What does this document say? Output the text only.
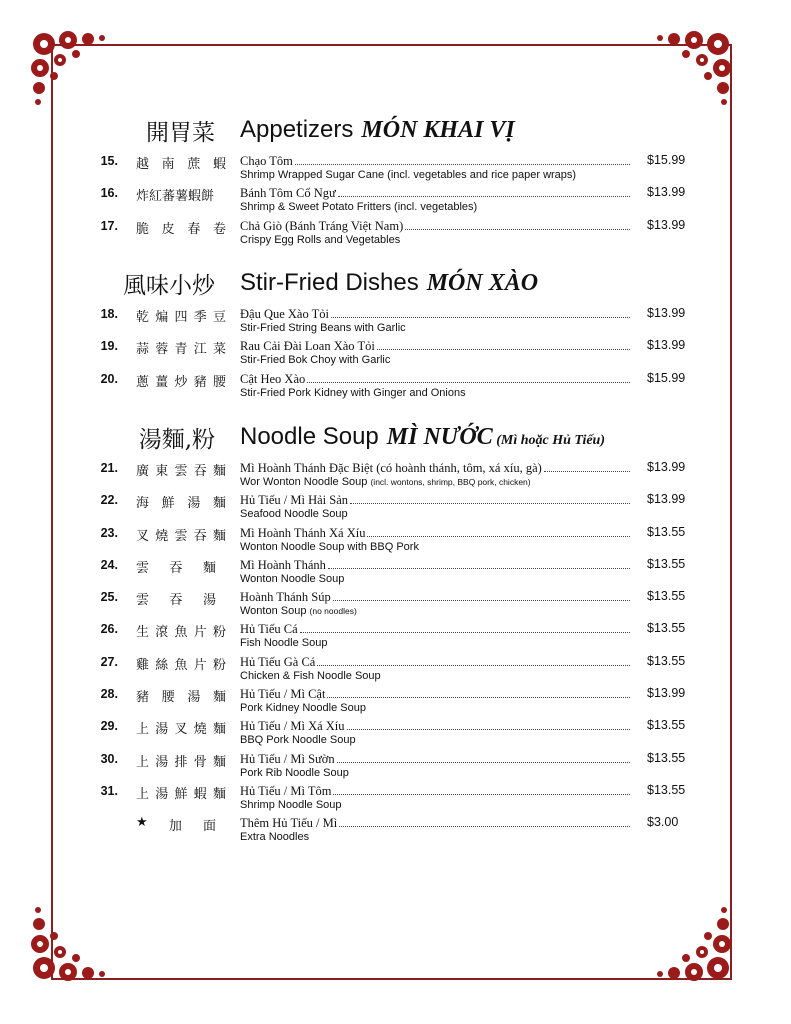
開胃菜 Appetizers MÓN KHAI VỊ
15. 越 南 蔗 蝦 Chạo Tôm
Shrimp Wrapped Sugar Cane (incl. vegetables and rice paper wraps)
$15.99
16. 炸紅蕃薯蝦餅 Bánh Tôm Cổ Ngư
Shrimp & Sweet Potato Fritters (incl. vegetables)
$13.99
17. 脆 皮 春 卷 Chả Giò (Bánh Tráng Việt Nam)
Crispy Egg Rolls and Vegetables
$13.99
風味小炒 Stir-Fried Dishes MÓN XÀO
18. 乾 煸 四 季 豆 Đậu Que Xào Tỏi
Stir-Fried String Beans with Garlic
$13.99
19. 蒜 蓉 青 江 菜 Rau Cải Đài Loan Xào Tỏi
Stir-Fried Bok Choy with Garlic
$13.99
20. 蔥 薑 炒 豬 腰 Cật Heo Xào
Stir-Fried Pork Kidney with Ginger and Onions
$15.99
湯麵,粉 Noodle Soup MÌ NƯỚC (Mì hoặc Hủ Tiếu)
21. 廣 東 雲 吞 麵 Mì Hoành Thánh Đặc Biệt (có hoành thánh, tôm, xá xíu, gà)
Wor Wonton Noodle Soup (incl. wontons, shrimp, BBQ pork, chicken)
$13.99
22. 海 鮮 湯 麵 Hủ Tiếu / Mì Hải Sản
Seafood Noodle Soup
$13.99
23. 叉 燒 雲 吞 麵 Mì Hoành Thánh Xá Xíu
Wonton Noodle Soup with BBQ Pork
$13.55
24. 雲 吞 麵 Mì Hoành Thánh
Wonton Noodle Soup
$13.55
25. 雲 吞 湯 Hoành Thánh Súp
Wonton Soup (no noodles)
$13.55
26. 生 滾 魚 片 粉 Hủ Tiếu Cá
Fish Noodle Soup
$13.55
27. 雞 絲 魚 片 粉 Hủ Tiếu Gà Cá
Chicken & Fish Noodle Soup
$13.55
28. 豬 腰 湯 麵 Hủ Tiếu / Mì Cật
Pork Kidney Noodle Soup
$13.99
29. 上 湯 叉 燒 麵 Hủ Tiếu / Mì Xá Xíu
BBQ Pork Noodle Soup
$13.55
30. 上 湯 排 骨 麵 Hủ Tiếu / Mì Sườn
Pork Rib Noodle Soup
$13.55
31. 上 湯 鮮 蝦 麵 Hủ Tiếu / Mì Tôm
Shrimp Noodle Soup
$13.55
★ 加 面 Thêm Hủ Tiếu / Mì
Extra Noodles
$3.00
